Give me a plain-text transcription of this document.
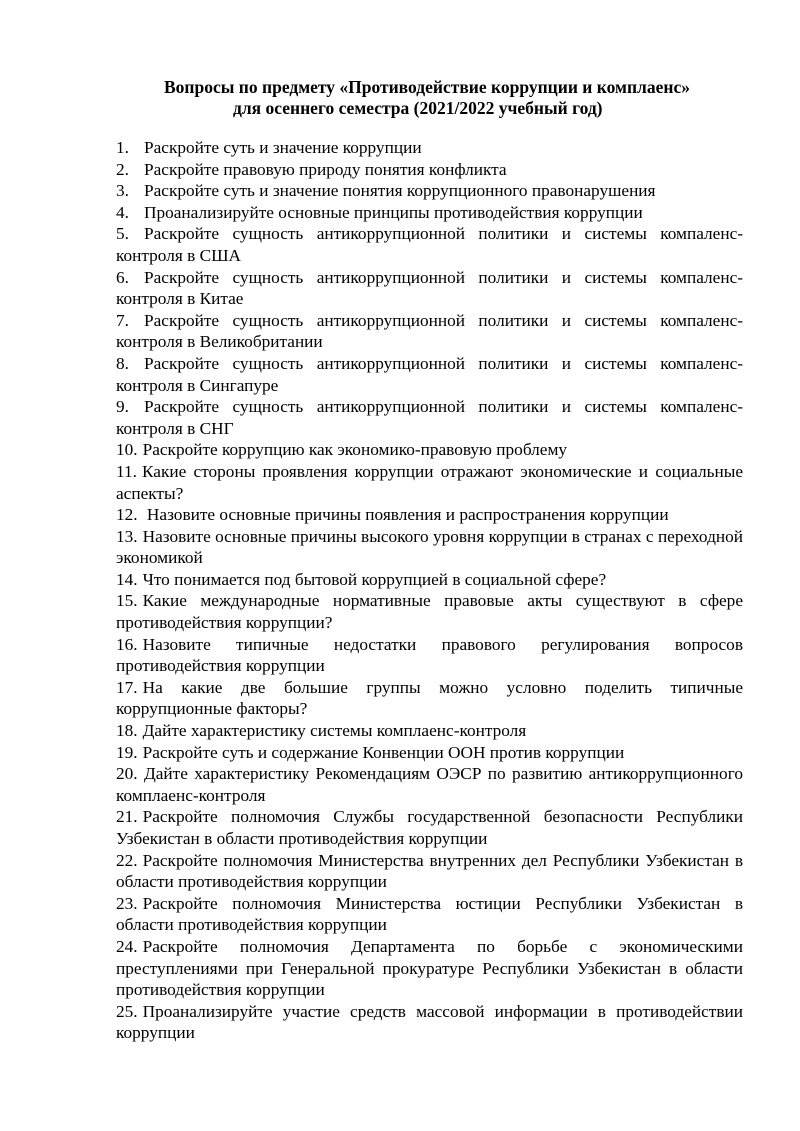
Вопросы по предмету «Противодействие коррупции и комплаенс»
для осеннего семестра (2021/2022 учебный год)
1. Раскройте суть и значение коррупции
2. Раскройте правовую природу понятия конфликта
3. Раскройте суть и значение понятия коррупционного правонарушения
4. Проанализируйте основные принципы противодействия коррупции
5. Раскройте сущность антикоррупционной политики и системы компаленс-контроля в США
6. Раскройте сущность антикоррупционной политики и системы компаленс-контроля в Китае
7. Раскройте сущность антикоррупционной политики и системы компаленс-контроля в Великобритании
8. Раскройте сущность антикоррупционной политики и системы компаленс-контроля в Сингапуре
9. Раскройте сущность антикоррупционной политики и системы компаленс-контроля в СНГ
10. Раскройте коррупцию как экономико-правовую проблему
11. Какие стороны проявления коррупции отражают экономические и социальные аспекты?
12. Назовите основные причины появления и распространения коррупции
13. Назовите основные причины высокого уровня коррупции в странах с переходной экономикой
14. Что понимается под бытовой коррупцией в социальной сфере?
15. Какие международные нормативные правовые акты существуют в сфере противодействия коррупции?
16. Назовите типичные недостатки правового регулирования вопросов противодействия коррупции
17. На какие две большие группы можно условно поделить типичные коррупционные факторы?
18. Дайте характеристику системы комплаенс-контроля
19. Раскройте суть и содержание Конвенции ООН против коррупции
20. Дайте характеристику Рекомендациям ОЭСР по развитию антикоррупционного комплаенс-контроля
21. Раскройте полномочия Службы государственной безопасности Республики Узбекистан в области противодействия коррупции
22. Раскройте полномочия Министерства внутренних дел Республики Узбекистан в области противодействия коррупции
23. Раскройте полномочия Министерства юстиции Республики Узбекистан в области противодействия коррупции
24. Раскройте полномочия Департамента по борьбе с экономическими преступлениями при Генеральной прокуратуре Республики Узбекистан в области противодействия коррупции
25. Проанализируйте участие средств массовой информации в противодействии коррупции
